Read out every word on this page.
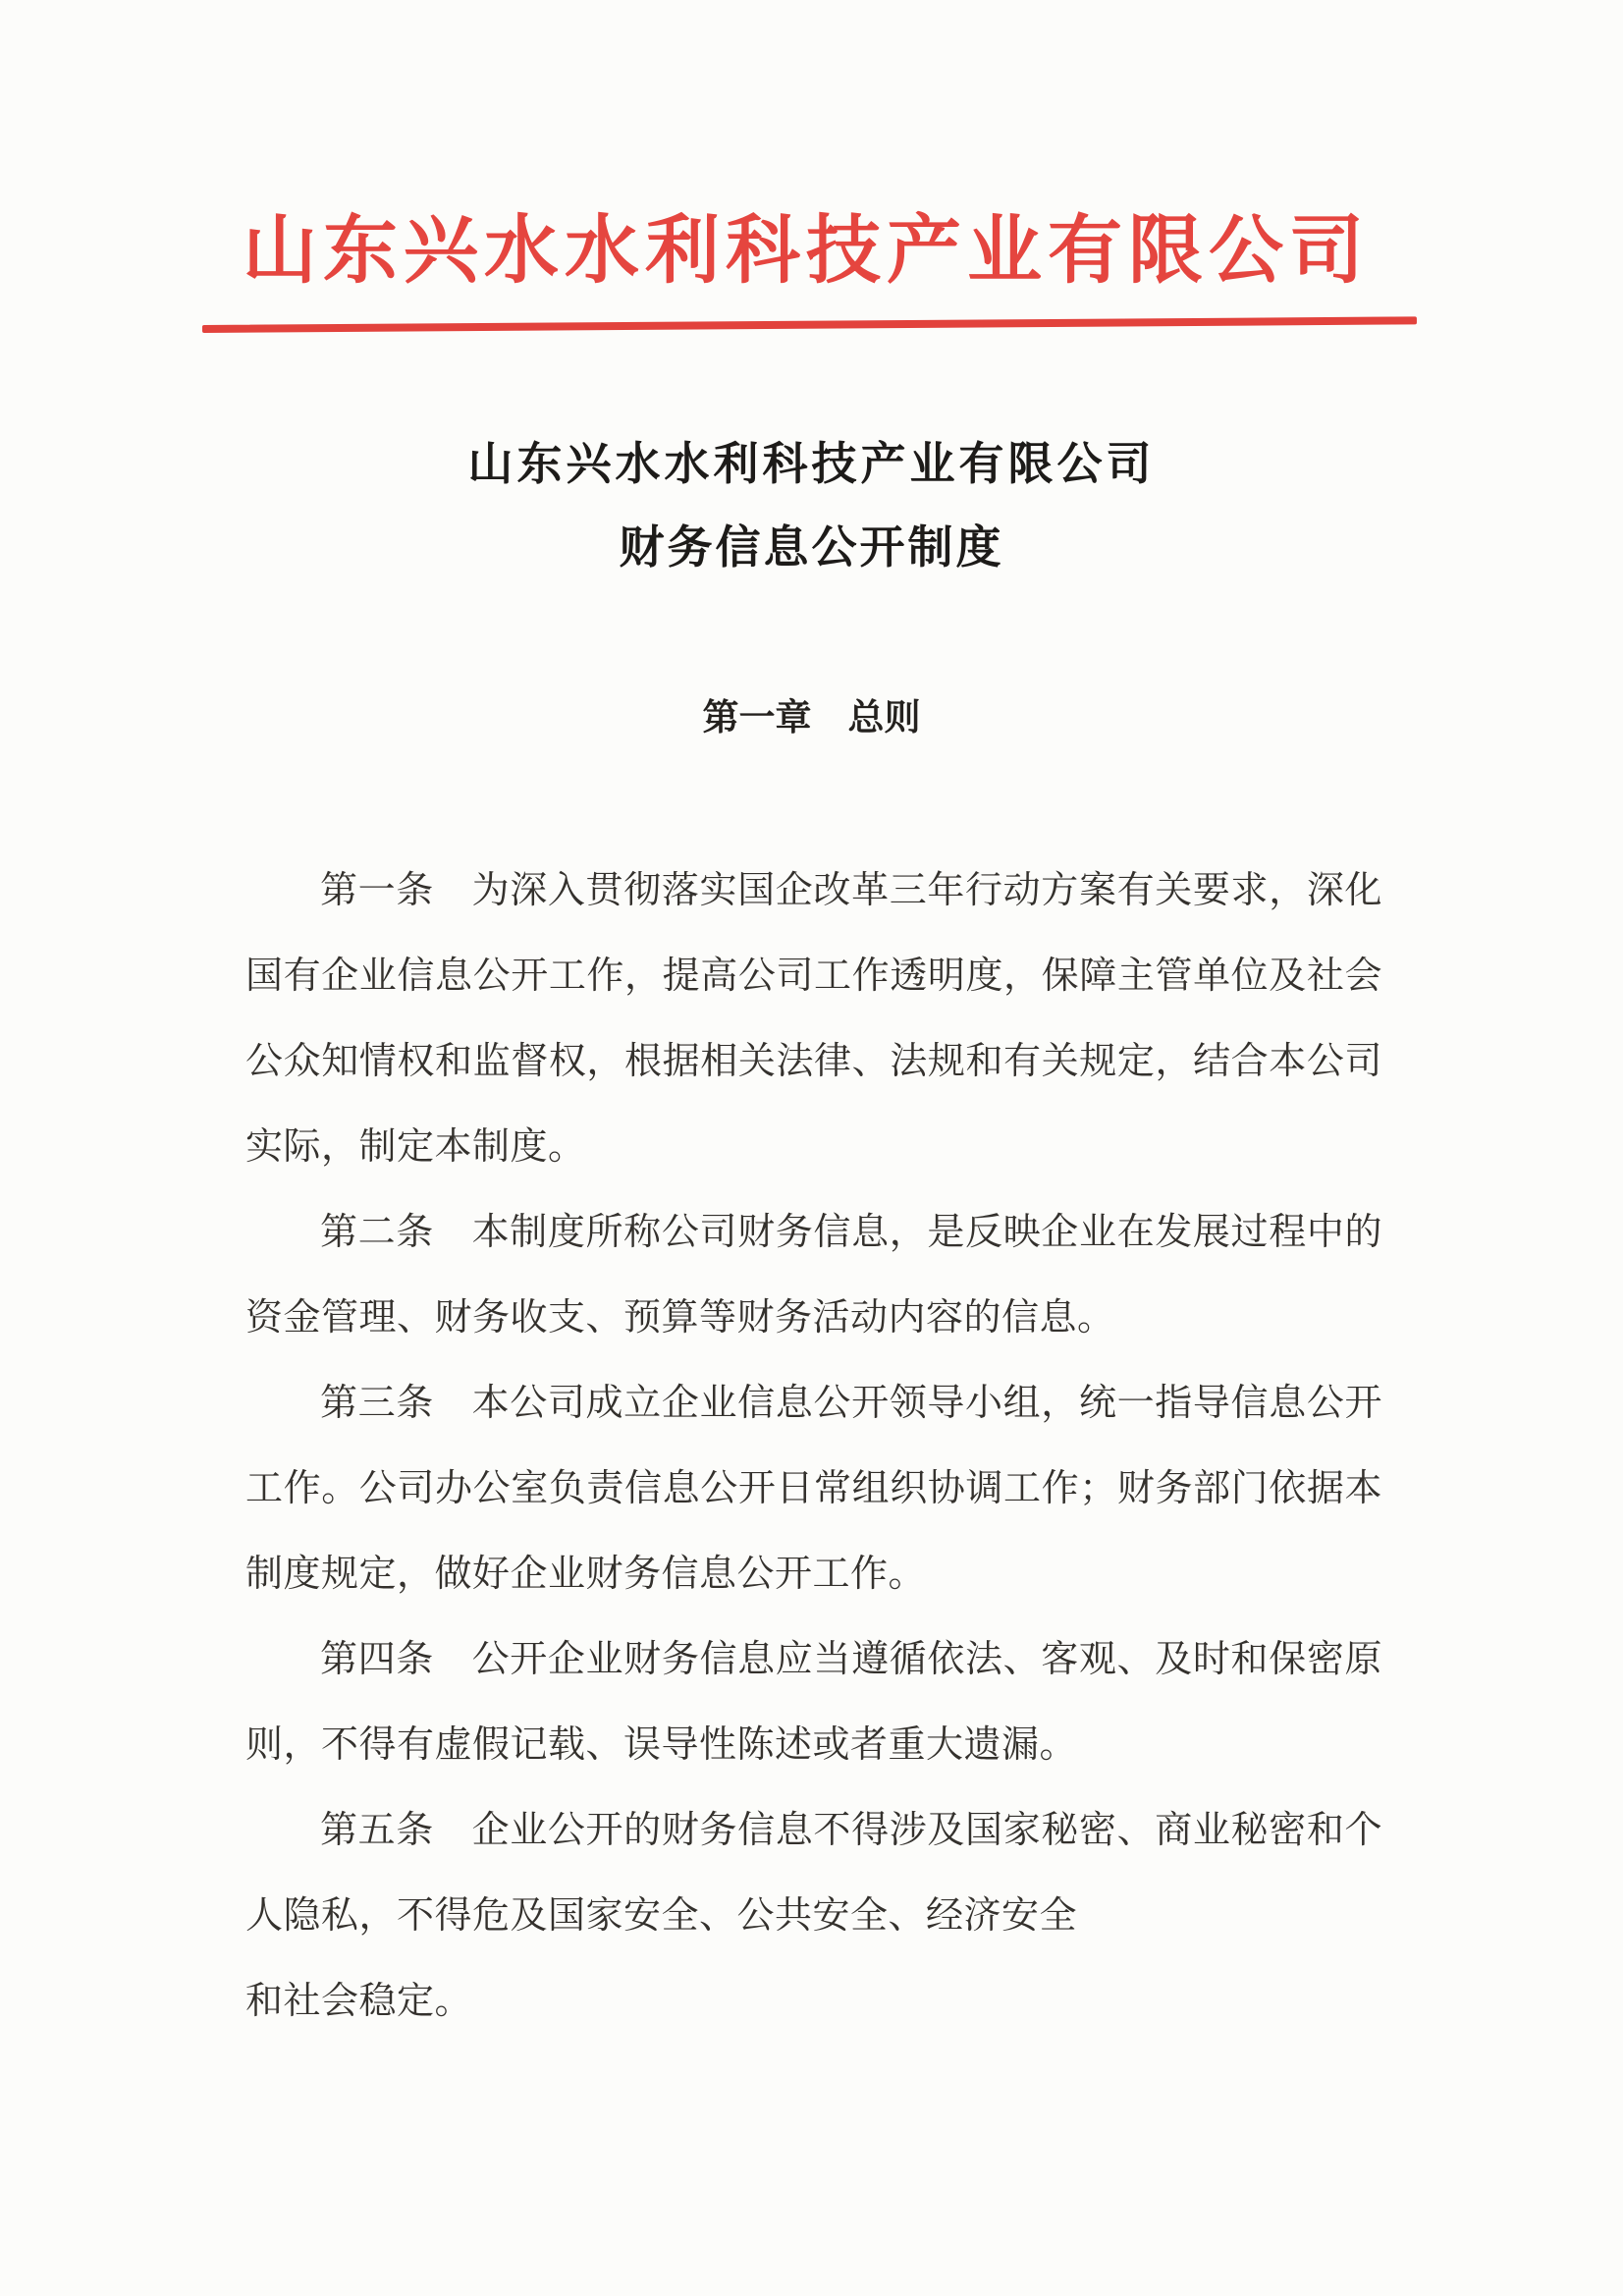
山东兴水水利科技产业有限公司
山东兴水水利科技产业有限公司
财务信息公开制度
第一章　总则
第一条　为深入贯彻落实国企改革三年行动方案有关要求，深化
国有企业信息公开工作，提高公司工作透明度，保障主管单位及社会
公众知情权和监督权，根据相关法律、法规和有关规定，结合本公司
实际，制定本制度。
第二条　本制度所称公司财务信息，是反映企业在发展过程中的
资金管理、财务收支、预算等财务活动内容的信息。
第三条　本公司成立企业信息公开领导小组，统一指导信息公开
工作。公司办公室负责信息公开日常组织协调工作；财务部门依据本
制度规定，做好企业财务信息公开工作。
第四条　公开企业财务信息应当遵循依法、客观、及时和保密原
则，不得有虚假记载、误导性陈述或者重大遗漏。
第五条　企业公开的财务信息不得涉及国家秘密、商业秘密和个
人隐私，不得危及国家安全、公共安全、经济安全
和社会稳定。
